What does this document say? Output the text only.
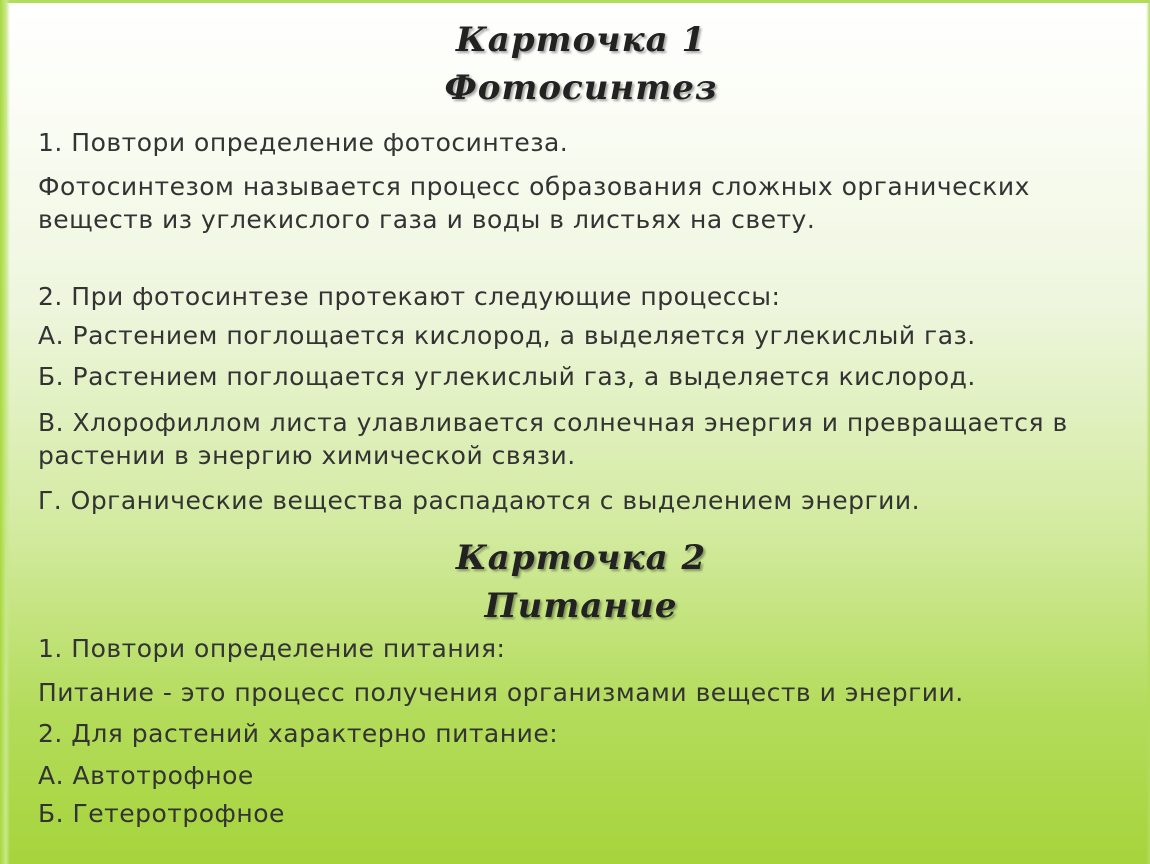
Карточка 1
Фотосинтез

1. Повтори определение фотосинтеза.

Фотосинтезом называется процесс образования сложных органических веществ из углекислого газа и воды в листьях на свету.

2. При фотосинтезе протекают следующие процессы:

А. Растением поглощается кислород, а выделяется углекислый газ.

Б. Растением поглощается углекислый газ, а выделяется кислород.

В. Хлорофиллом листа улавливается солнечная энергия и превращается в растении в энергию химической связи.

Г. Органические вещества распадаются с выделением энергии.

Карточка 2
Питание

1. Повтори определение питания:

Питание - это процесс получения организмами веществ и энергии.

2. Для растений характерно питание:

А. Автотрофное

Б. Гетеротрофное
